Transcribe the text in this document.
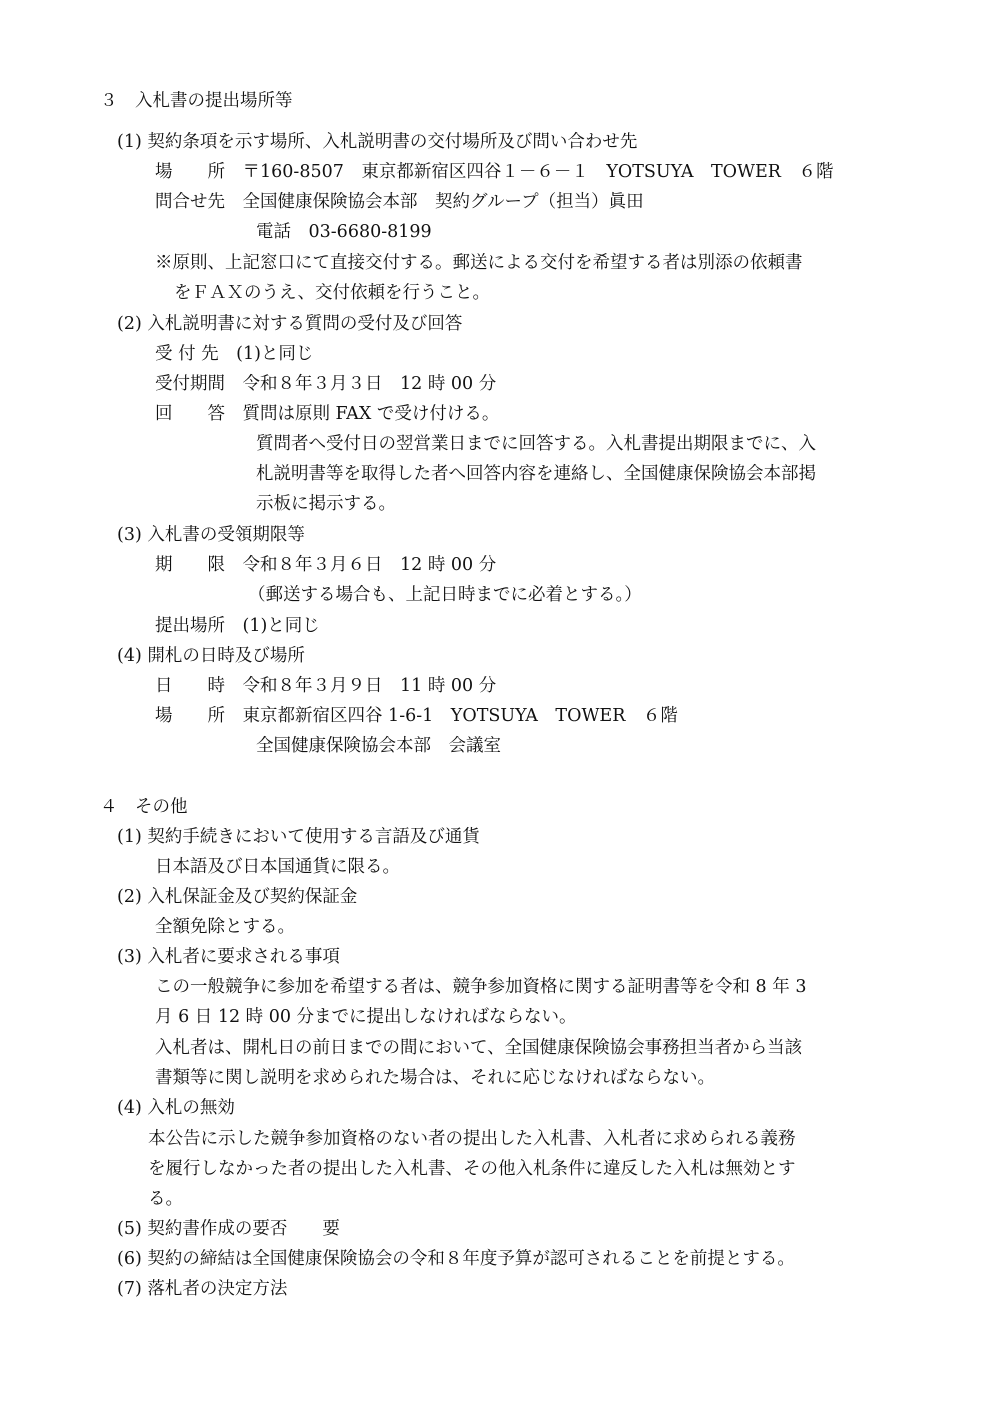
３　入札書の提出場所等
(1) 契約条項を示す場所、入札説明書の交付場所及び問い合わせ先
場　　所　〒160-8507　東京都新宿区四谷１－６－１　YOTSUYA　TOWER　６階
問合せ先　全国健康保険協会本部　契約グループ（担当）眞田
電話　03-6680-8199
※原則、上記窓口にて直接交付する。郵送による交付を希望する者は別添の依頼書
をＦＡＸのうえ、交付依頼を行うこと。
(2) 入札説明書に対する質問の受付及び回答
受 付 先　(1)と同じ
受付期間　令和８年３月３日　12 時 00 分
回　　答　質問は原則 FAX で受け付ける。
質問者へ受付日の翌営業日までに回答する。入札書提出期限までに、入
札説明書等を取得した者へ回答内容を連絡し、全国健康保険協会本部掲
示板に掲示する。
(3) 入札書の受領期限等
期　　限　令和８年３月６日　12 時 00 分
（郵送する場合も、上記日時までに必着とする。）
提出場所　(1)と同じ
(4) 開札の日時及び場所
日　　時　令和８年３月９日　11 時 00 分
場　　所　東京都新宿区四谷 1-6-1　YOTSUYA　TOWER　６階
全国健康保険協会本部　会議室
４　その他
(1) 契約手続きにおいて使用する言語及び通貨
日本語及び日本国通貨に限る。
(2) 入札保証金及び契約保証金
全額免除とする。
(3) 入札者に要求される事項
この一般競争に参加を希望する者は、競争参加資格に関する証明書等を令和 8 年 3
月 6 日 12 時 00 分までに提出しなければならない。
入札者は、開札日の前日までの間において、全国健康保険協会事務担当者から当該
書類等に関し説明を求められた場合は、それに応じなければならない。
(4) 入札の無効
本公告に示した競争参加資格のない者の提出した入札書、入札者に求められる義務
を履行しなかった者の提出した入札書、その他入札条件に違反した入札は無効とす
る。
(5) 契約書作成の要否　　要
(6) 契約の締結は全国健康保険協会の令和８年度予算が認可されることを前提とする。
(7) 落札者の決定方法
